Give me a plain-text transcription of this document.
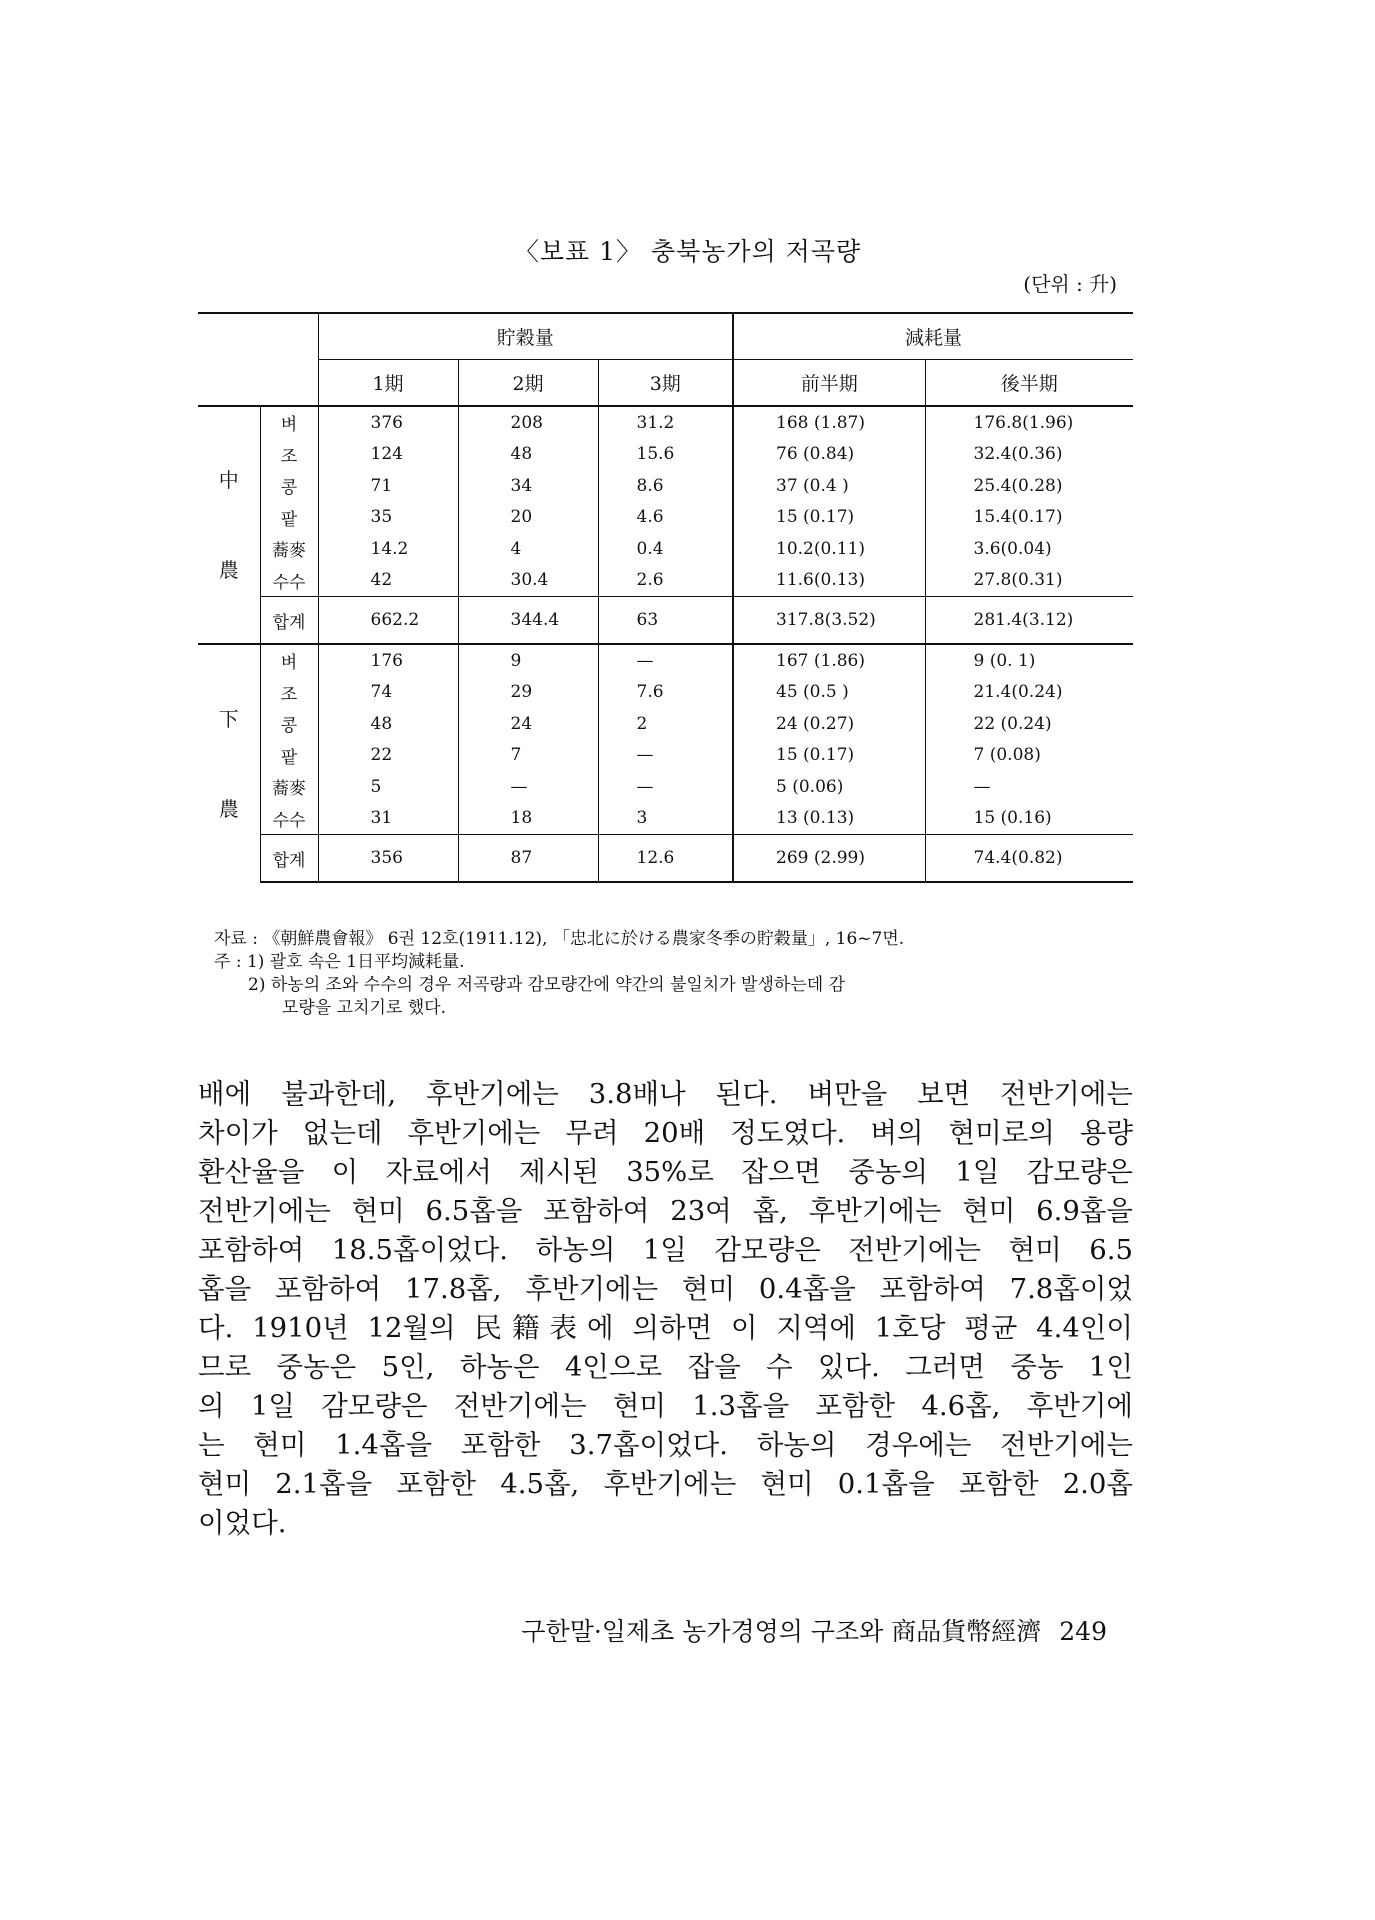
〈보표 1〉 충북농가의 저곡량
(단위 : 升)
		貯穀量			減耗量	
		1期	2期	3期	前半期	後半期

中
農	벼	376	208	31.2	168 (1.87)	176.8(1.96)
	조	124	48	15.6	76 (0.84)	32.4(0.36)
	콩	71	34	8.6	37 (0.4 )	25.4(0.28)
	팥	35	20	4.6	15 (0.17)	15.4(0.17)
	蕎麥	14.2	4	0.4	10.2(0.11)	3.6(0.04)
	수수	42	30.4	2.6	11.6(0.13)	27.8(0.31)
	합계	662.2	344.4	63	317.8(3.52)	281.4(3.12)

下
農	벼	176	9	—	167 (1.86)	9 (0. 1)
	조	74	29	7.6	45 (0.5 )	21.4(0.24)
	콩	48	24	2	24 (0.27)	22 (0.24)
	팥	22	7	—	15 (0.17)	7 (0.08)
	蕎麥	5	—	—	5 (0.06)	—
	수수	31	18	3	13 (0.13)	15 (0.16)
	합계	356	87	12.6	269 (2.99)	74.4(0.82)
자료 : 《朝鮮農會報》 6권 12호(1911.12), 「忠北に於ける農家冬季の貯穀量」, 16~7면.
주 : 1) 괄호 속은 1日平均減耗量.
2) 하농의 조와 수수의 경우 저곡량과 감모량간에 약간의 불일치가 발생하는데 감
모량을 고치기로 했다.
배에 불과한데, 후반기에는 3.8배나 된다. 벼만을 보면 전반기에는
차이가 없는데 후반기에는 무려 20배 정도였다. 벼의 현미로의 용량
환산율을 이 자료에서 제시된 35%로 잡으면 중농의 1일 감모량은
전반기에는 현미 6.5홉을 포함하여 23여 홉, 후반기에는 현미 6.9홉을
포함하여 18.5홉이었다. 하농의 1일 감모량은 전반기에는 현미 6.5
홉을 포함하여 17.8홉, 후반기에는 현미 0.4홉을 포함하여 7.8홉이었
다. 1910년 12월의 民籍表에 의하면 이 지역에 1호당 평균 4.4인이
므로 중농은 5인, 하농은 4인으로 잡을 수 있다. 그러면 중농 1인
의 1일 감모량은 전반기에는 현미 1.3홉을 포함한 4.6홉, 후반기에
는 현미 1.4홉을 포함한 3.7홉이었다. 하농의 경우에는 전반기에는
현미 2.1홉을 포함한 4.5홉, 후반기에는 현미 0.1홉을 포함한 2.0홉
이었다.
구한말·일제초 농가경영의 구조와 商品貨幣經濟 249
